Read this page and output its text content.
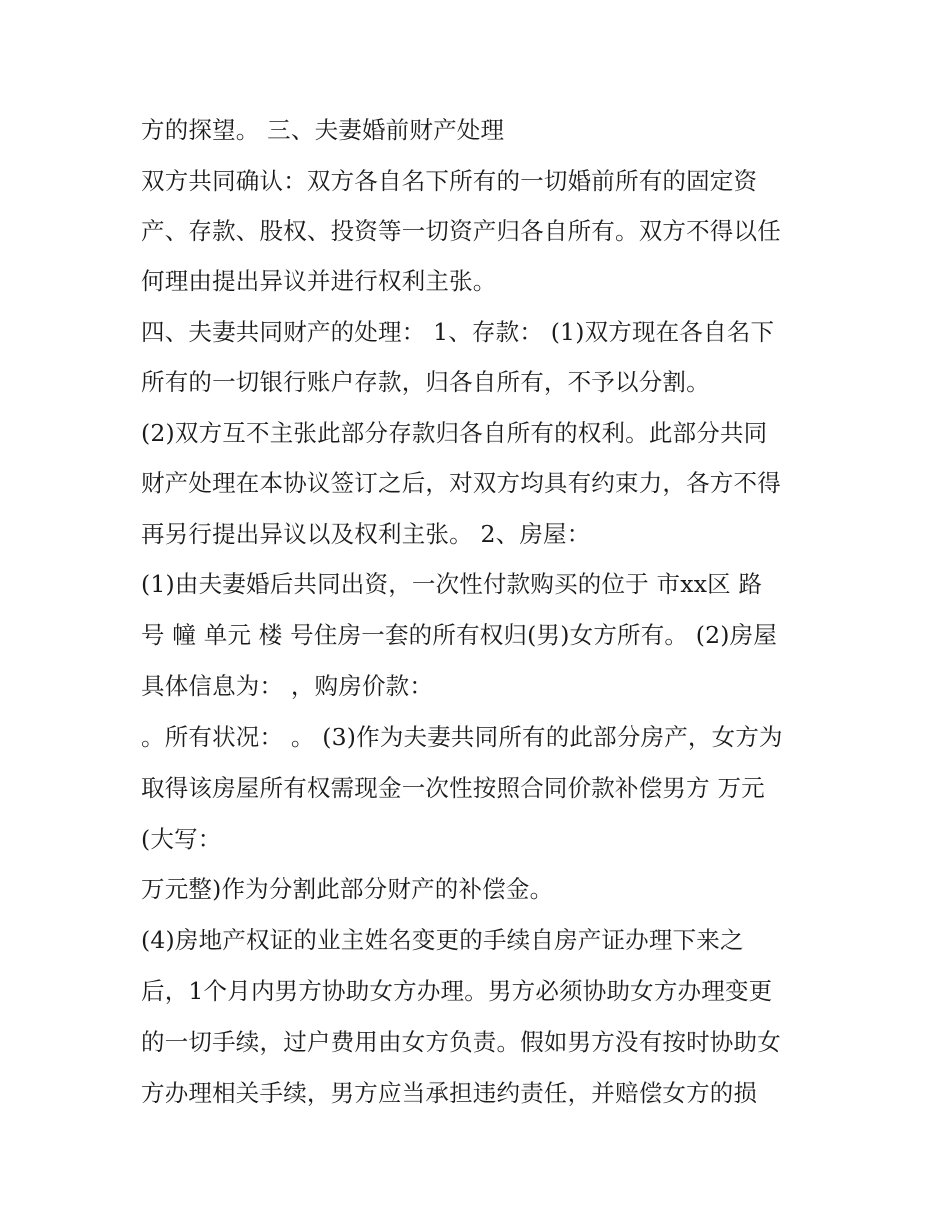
方的探望。 三、夫妻婚前财产处理
双方共同确认：双方各自名下所有的一切婚前所有的固定资
产、存款、股权、投资等一切资产归各自所有。双方不得以任
何理由提出异议并进行权利主张。
四、夫妻共同财产的处理： 1、存款： (1)双方现在各自名下
所有的一切银行账户存款，归各自所有，不予以分割。
(2)双方互不主张此部分存款归各自所有的权利。此部分共同
财产处理在本协议签订之后，对双方均具有约束力，各方不得
再另行提出异议以及权利主张。 2、房屋：
(1)由夫妻婚后共同出资，一次性付款购买的位于 市xx区 路
号 幢 单元 楼 号住房一套的所有权归(男)女方所有。 (2)房屋
具体信息为： ，购房价款：
。所有状况： 。 (3)作为夫妻共同所有的此部分房产，女方为
取得该房屋所有权需现金一次性按照合同价款补偿男方 万元
(大写：
万元整)作为分割此部分财产的补偿金。
(4)房地产权证的业主姓名变更的手续自房产证办理下来之
后，1个月内男方协助女方办理。男方必须协助女方办理变更
的一切手续，过户费用由女方负责。假如男方没有按时协助女
方办理相关手续，男方应当承担违约责任，并赔偿女方的损
